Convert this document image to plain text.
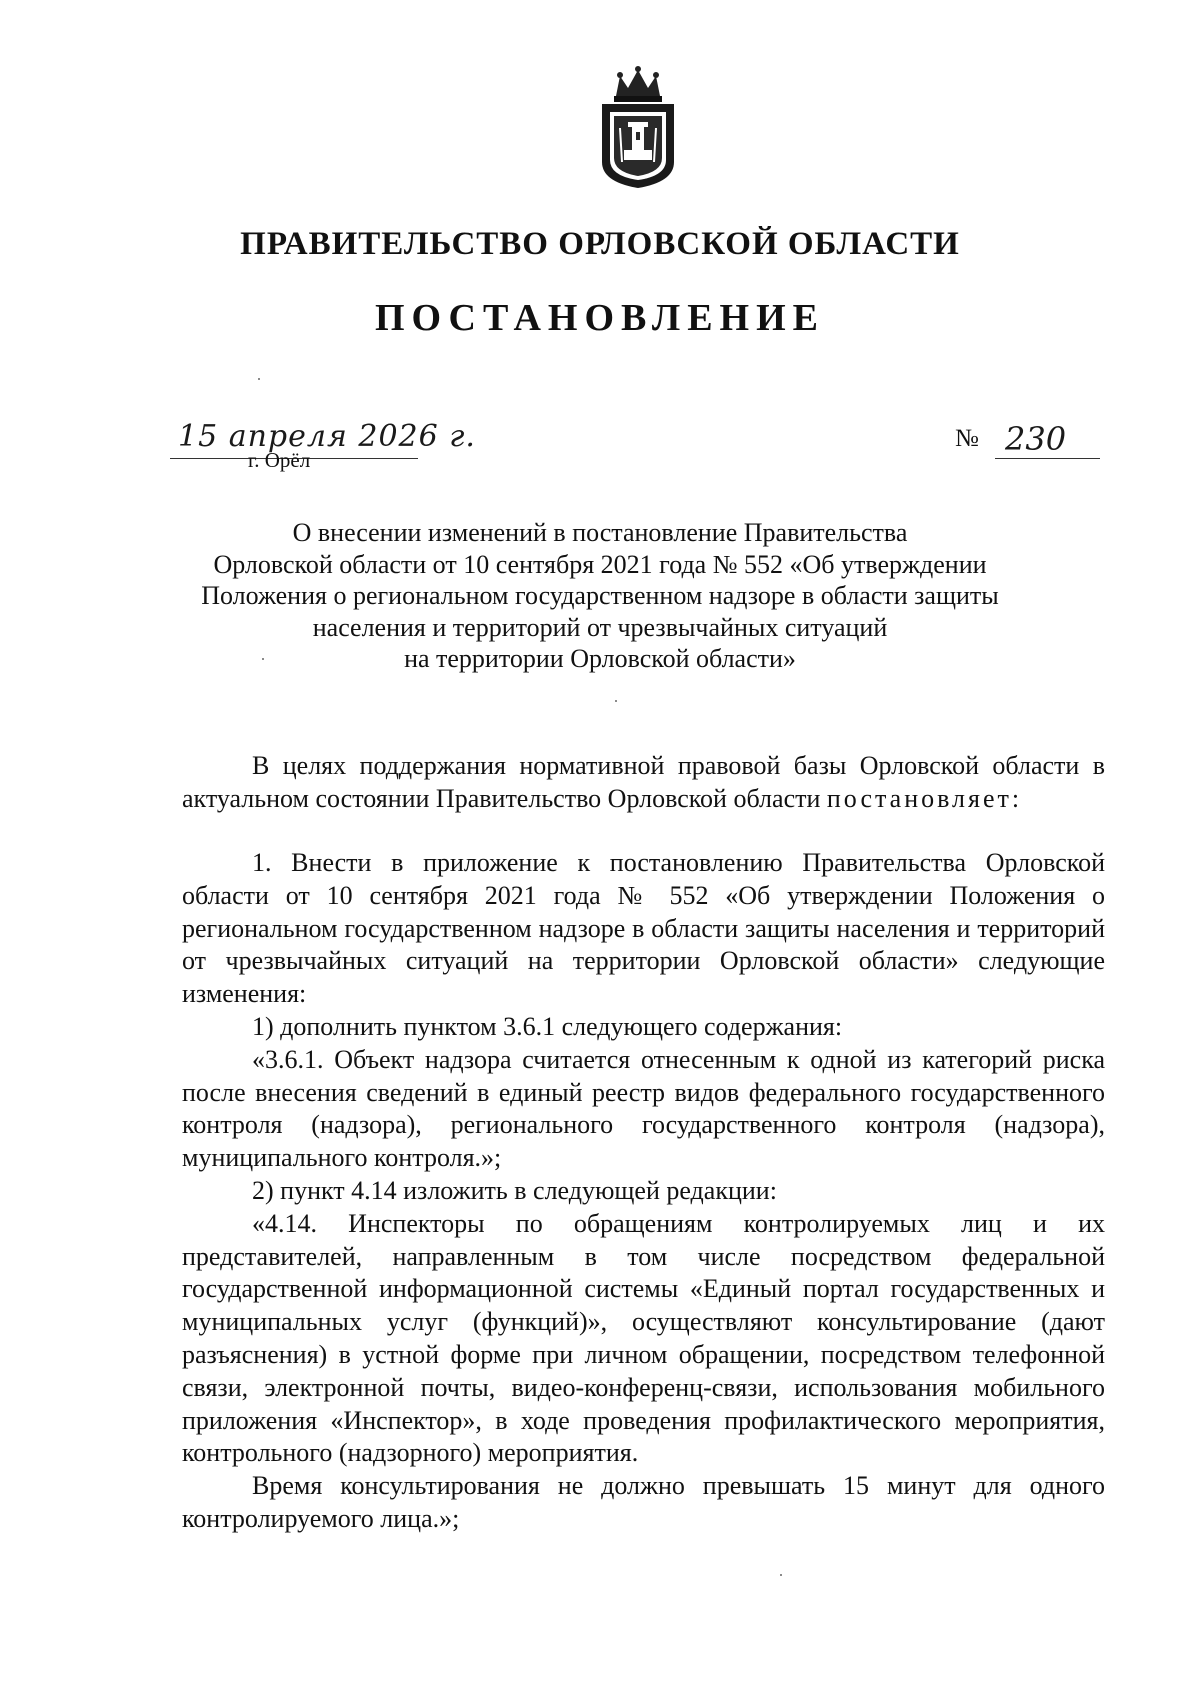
ПРАВИТЕЛЬСТВО ОРЛОВСКОЙ ОБЛАСТИ
ПОСТАНОВЛЕНИЕ
15 апреля 2026 г.
г. Орёл
№ 230
О внесении изменений в постановление Правительства
Орловской области от 10 сентября 2021 года № 552 «Об утверждении
Положения о региональном государственном надзоре в области защиты
населения и территорий от чрезвычайных ситуаций
на территории Орловской области»

В целях поддержания нормативной правовой базы Орловской области в актуальном состоянии Правительство Орловской области постановляет:

1. Внести в приложение к постановлению Правительства Орловской области от 10 сентября 2021 года № 552 «Об утверждении Положения о региональном государственном надзоре в области защиты населения и территорий от чрезвычайных ситуаций на территории Орловской области» следующие изменения:

1) дополнить пунктом 3.6.1 следующего содержания:

«3.6.1. Объект надзора считается отнесенным к одной из категорий риска после внесения сведений в единый реестр видов федерального государственного контроля (надзора), регионального государственного контроля (надзора), муниципального контроля.»;

2) пункт 4.14 изложить в следующей редакции:

«4.14. Инспекторы по обращениям контролируемых лиц и их представителей, направленным в том числе посредством федеральной государственной информационной системы «Единый портал государственных и муниципальных услуг (функций)», осуществляют консультирование (дают разъяснения) в устной форме при личном обращении, посредством телефонной связи, электронной почты, видео-конференц-связи, использования мобильного приложения «Инспектор», в ходе проведения профилактического мероприятия, контрольного (надзорного) мероприятия.

Время консультирования не должно превышать 15 минут для одного контролируемого лица.»;
